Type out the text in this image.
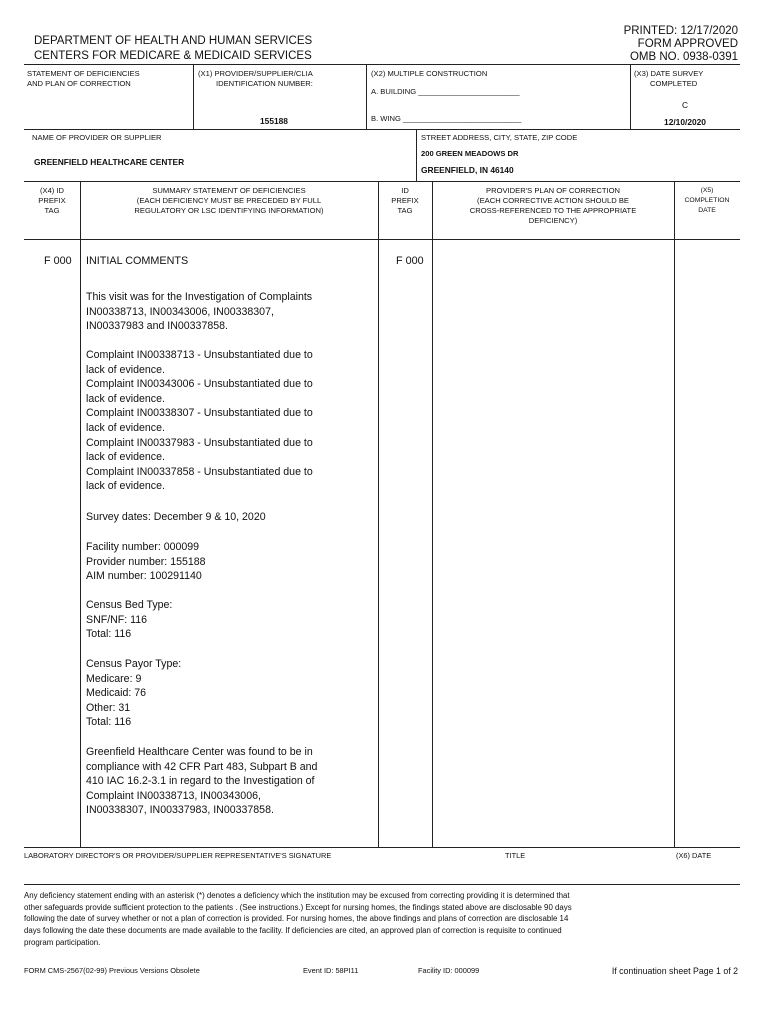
PRINTED: 12/17/2020
FORM APPROVED
OMB NO. 0938-0391
DEPARTMENT OF HEALTH AND HUMAN SERVICES
CENTERS FOR MEDICARE & MEDICAID SERVICES
STATEMENT OF DEFICIENCIES
AND PLAN OF CORRECTION
(X1) PROVIDER/SUPPLIER/CLIA
IDENTIFICATION NUMBER:
155188
(X2) MULTIPLE CONSTRUCTION
A. BUILDING ________________________
B. WING ____________________________
(X3) DATE SURVEY
COMPLETED
C
12/10/2020
NAME OF PROVIDER OR SUPPLIER
GREENFIELD HEALTHCARE CENTER
STREET ADDRESS, CITY, STATE, ZIP CODE
200 GREEN MEADOWS DR
GREENFIELD, IN 46140
(X4) ID
PREFIX
TAG
SUMMARY STATEMENT OF DEFICIENCIES
(EACH DEFICIENCY MUST BE PRECEDED BY FULL
REGULATORY OR LSC IDENTIFYING INFORMATION)
ID
PREFIX
TAG
PROVIDER'S PLAN OF CORRECTION
(EACH CORRECTIVE ACTION SHOULD BE
CROSS-REFERENCED TO THE APPROPRIATE
DEFICIENCY)
(X5)
COMPLETION
DATE
F 000 INITIAL COMMENTS	F 000
This visit was for the Investigation of Complaints
IN00338713, IN00343006, IN00338307,
IN00337983 and IN00337858.
Complaint IN00338713 - Unsubstantiated due to
lack of evidence.
Complaint IN00343006 - Unsubstantiated due to
lack of evidence.
Complaint IN00338307 - Unsubstantiated due to
lack of evidence.
Complaint IN00337983 - Unsubstantiated due to
lack of evidence.
Complaint IN00337858 - Unsubstantiated due to
lack of evidence.
Survey dates: December 9 & 10, 2020
Facility number: 000099
Provider number: 155188
AIM number: 100291140
Census Bed Type:
SNF/NF: 116
Total: 116
Census Payor Type:
Medicare: 9
Medicaid: 76
Other: 31
Total: 116
Greenfield Healthcare Center was found to be in
compliance with 42 CFR Part 483, Subpart B and
410 IAC 16.2-3.1 in regard to the Investigation of
Complaint IN00338713, IN00343006,
IN00338307, IN00337983, IN00337858.
LABORATORY DIRECTOR'S OR PROVIDER/SUPPLIER REPRESENTATIVE'S SIGNATURE	TITLE	(X6) DATE
Any deficiency statement ending with an asterisk (*) denotes a deficiency which the institution may be excused from correcting providing it is determined that
other safeguards provide sufficient protection to the patients . (See instructions.) Except for nursing homes, the findings stated above are disclosable 90 days
following the date of survey whether or not a plan of correction is provided. For nursing homes, the above findings and plans of correction are disclosable 14
days following the date these documents are made available to the facility. If deficiencies are cited, an approved plan of correction is requisite to continued
program participation.
FORM CMS-2567(02-99) Previous Versions Obsolete	Event ID: 58PI11	Facility ID: 000099	If continuation sheet Page 1 of 2
